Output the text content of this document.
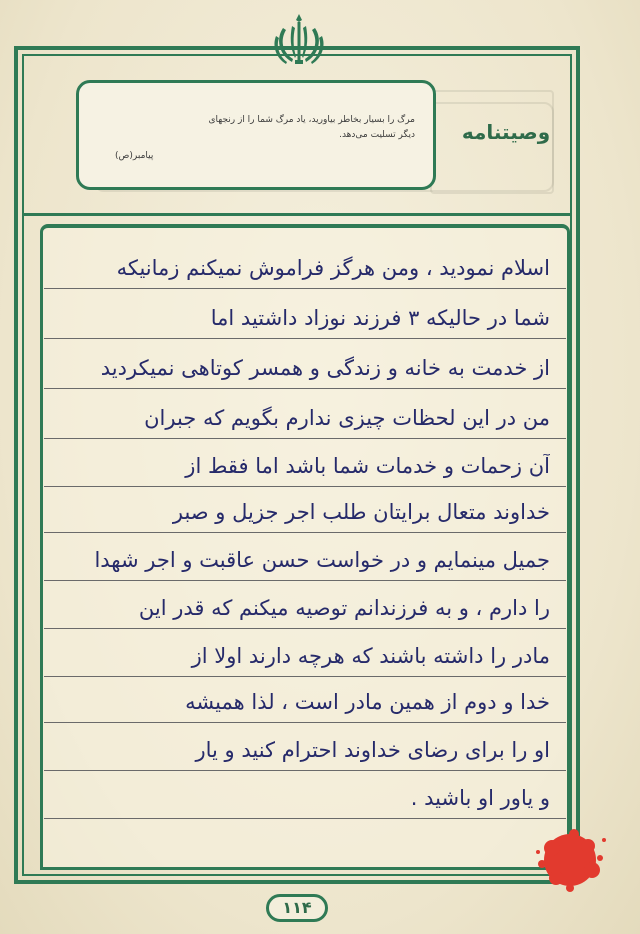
مرگ را بسیار بخاطر بیاورید، یاد مرگ شما را از رنجهای
دیگر تسلیت می‌دهد.
پیامبر(ص)
وصیتنامه
اسلام نمودید ، ومن هرگز فراموش نمیکنم زمانیکه
شما در حالیکه ٣ فرزند نوزاد داشتید اما
از خدمت به خانه و زندگی و همسر کوتاهی نمیکردید
من در این لحظات چیزی ندارم بگویم که جبران
آن زحمات و خدمات شما باشد اما فقط از
خداوند متعال برایتان طلب اجر جزیل و صبر
جمیل مینمایم و در خواست حسن عاقبت و اجر شهدا
را دارم ، و به فرزندانم توصیه میکنم که قدر این
مادر را داشته باشند که هرچه دارند اولا از
خدا و دوم از همین مادر است ، لذا همیشه
او را برای رضای خداوند احترام کنید و یار
و یاور او باشید .
١١۴
